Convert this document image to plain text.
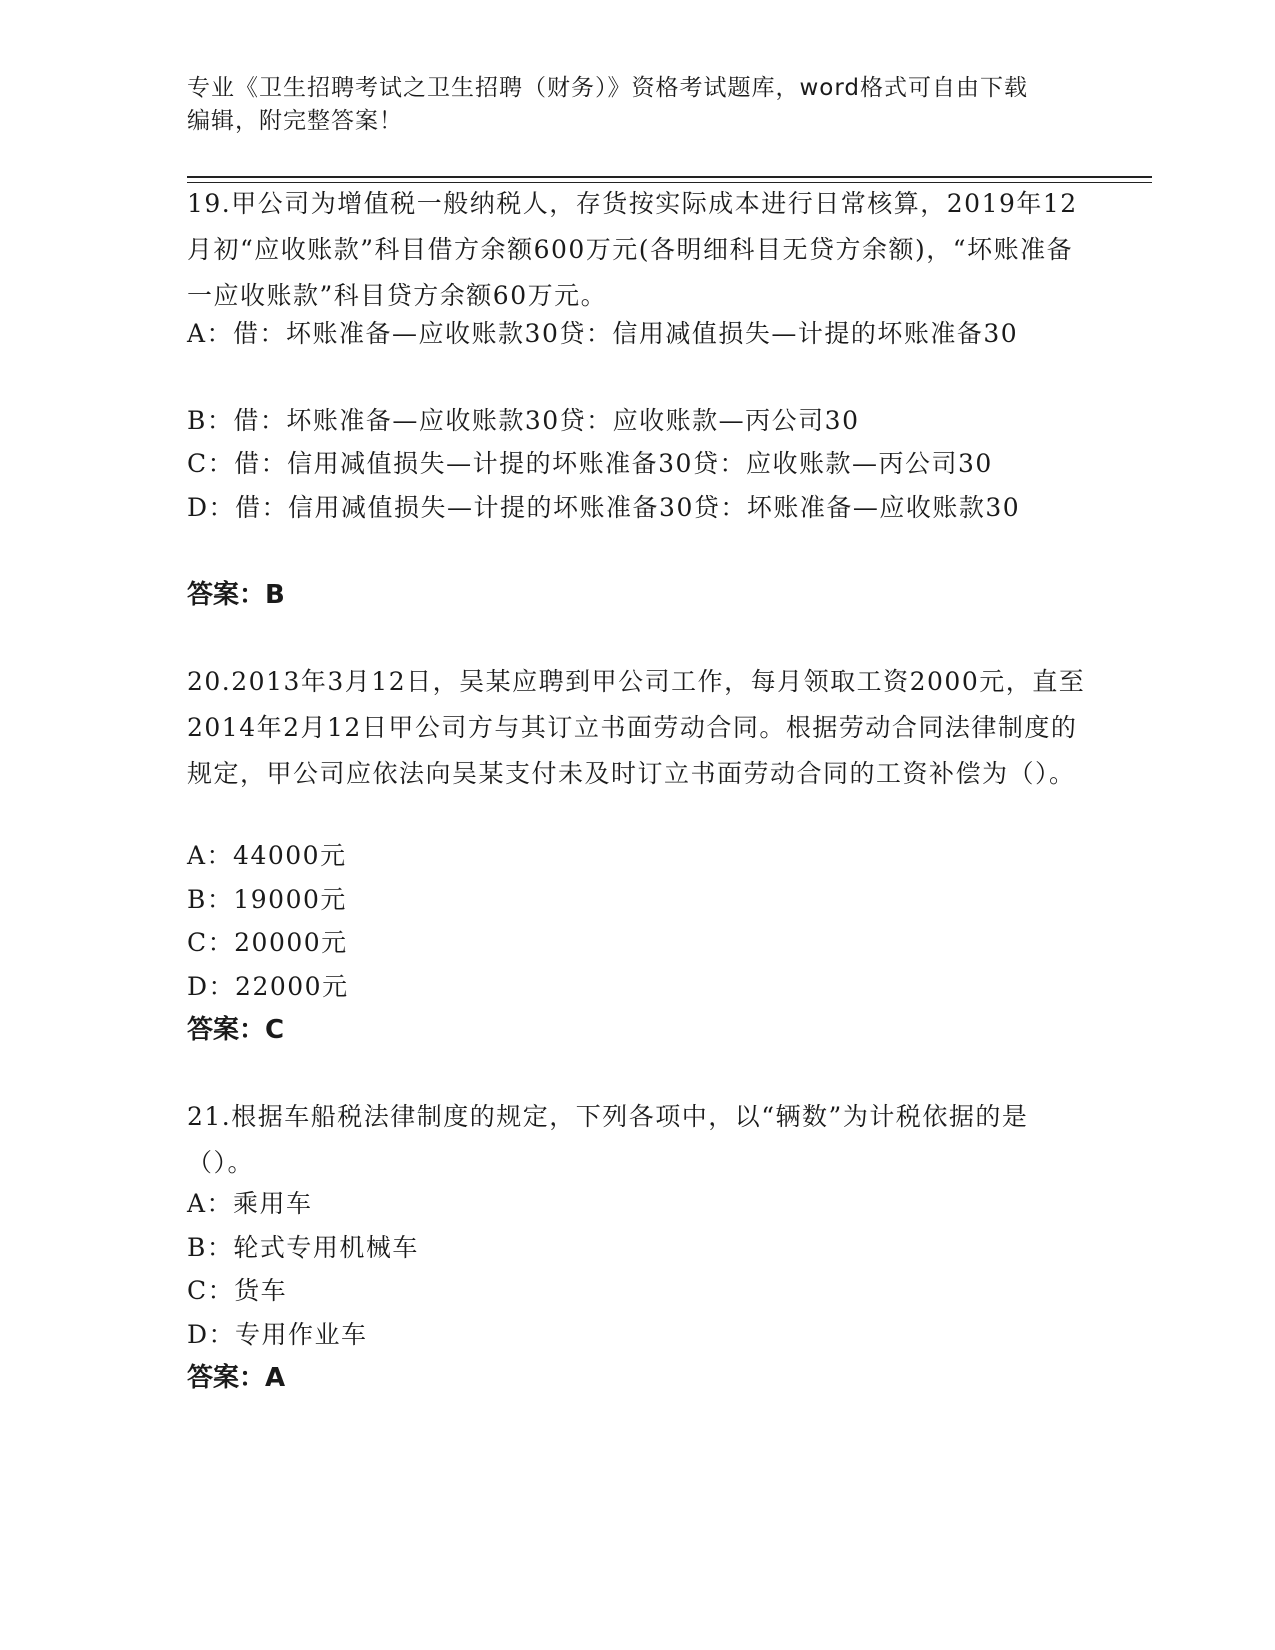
专业《卫生招聘考试之卫生招聘（财务）》资格考试题库，word格式可自由下载
编辑，附完整答案！
19.甲公司为增值税一般纳税人，存货按实际成本进行日常核算，2019年12月初“应收账款”科目借方余额600万元(各明细科目无贷方余额)，“坏账准备一应收账款”科目贷方余额60万元。
A：借：坏账准备—应收账款30贷：信用减值损失—计提的坏账准备30
B：借：坏账准备—应收账款30贷：应收账款—丙公司30
C：借：信用减值损失—计提的坏账准备30贷：应收账款—丙公司30
D：借：信用减值损失—计提的坏账准备30贷：坏账准备—应收账款30
答案：B
20.2013年3月12日，吴某应聘到甲公司工作，每月领取工资2000元，直至2014年2月12日甲公司方与其订立书面劳动合同。根据劳动合同法律制度的规定，甲公司应依法向吴某支付未及时订立书面劳动合同的工资补偿为（）。
A：44000元
B：19000元
C：20000元
D：22000元
答案：C
21.根据车船税法律制度的规定，下列各项中，以“辆数”为计税依据的是（）。
A：乘用车
B：轮式专用机械车
C：货车
D：专用作业车
答案：A
